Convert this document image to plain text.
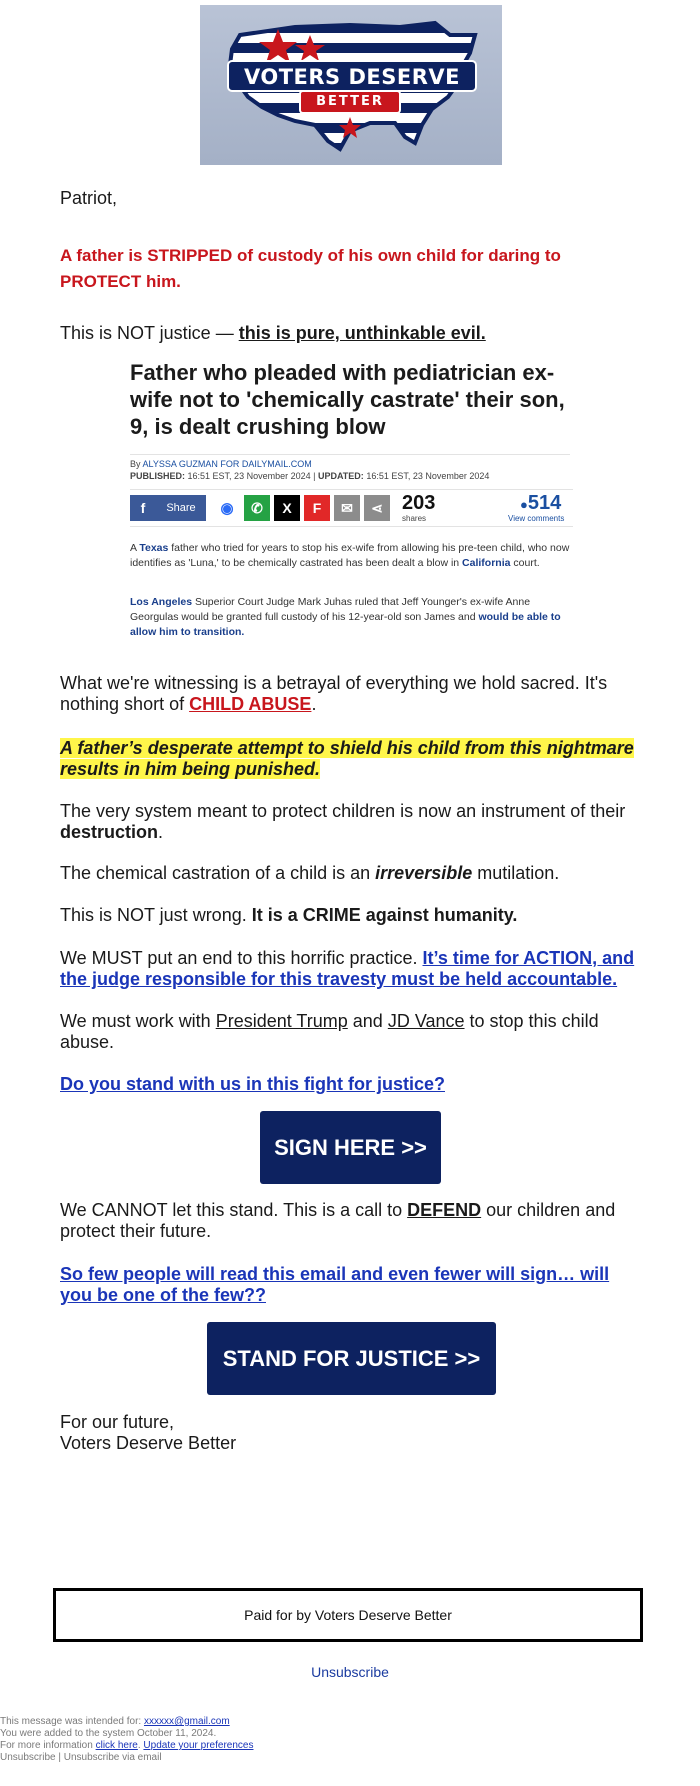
VOTERS DESERVE
BETTER
Patriot,
A father is STRIPPED of custody of his own child for daring to PROTECT him.
This is NOT justice — this is pure, unthinkable evil.
Father who pleaded with pediatrician ex-wife not to 'chemically castrate' their son, 9, is dealt crushing blow
By ALYSSA GUZMAN FOR DAILYMAIL.COM
PUBLISHED: 16:51 EST, 23 November 2024 | UPDATED: 16:51 EST, 23 November 2024
f	Share	◉	✆	X	F	✉	⋖ 203
shares
●514
View comments
A Texas father who tried for years to stop his ex-wife from allowing his pre-teen child, who now identifies as 'Luna,' to be chemically castrated has been dealt a blow in California court.
Los Angeles Superior Court Judge Mark Juhas ruled that Jeff Younger's ex-wife Anne Georgulas would be granted full custody of his 12-year-old son James and would be able to allow him to transition.
What we're witnessing is a betrayal of everything we hold sacred. It's nothing short of CHILD ABUSE.
A father’s desperate attempt to shield his child from this nightmare results in him being punished.
The very system meant to protect children is now an instrument of their destruction.
The chemical castration of a child is an irreversible mutilation.
This is NOT just wrong. It is a CRIME against humanity.
We MUST put an end to this horrific practice. It’s time for ACTION, and the judge responsible for this travesty must be held accountable.
We must work with President Trump and JD Vance to stop this child abuse.
Do you stand with us in this fight for justice?
SIGN HERE >>
We CANNOT let this stand. This is a call to DEFEND our children and protect their future.
So few people will read this email and even fewer will sign… will you be one of the few??
STAND FOR JUSTICE >>
For our future,
Voters Deserve Better
Paid for by Voters Deserve Better
Unsubscribe
This message was intended for: xxxxxx@gmail.com
You were added to the system October 11, 2024.
For more information click here. Update your preferences
Unsubscribe | Unsubscribe via email
